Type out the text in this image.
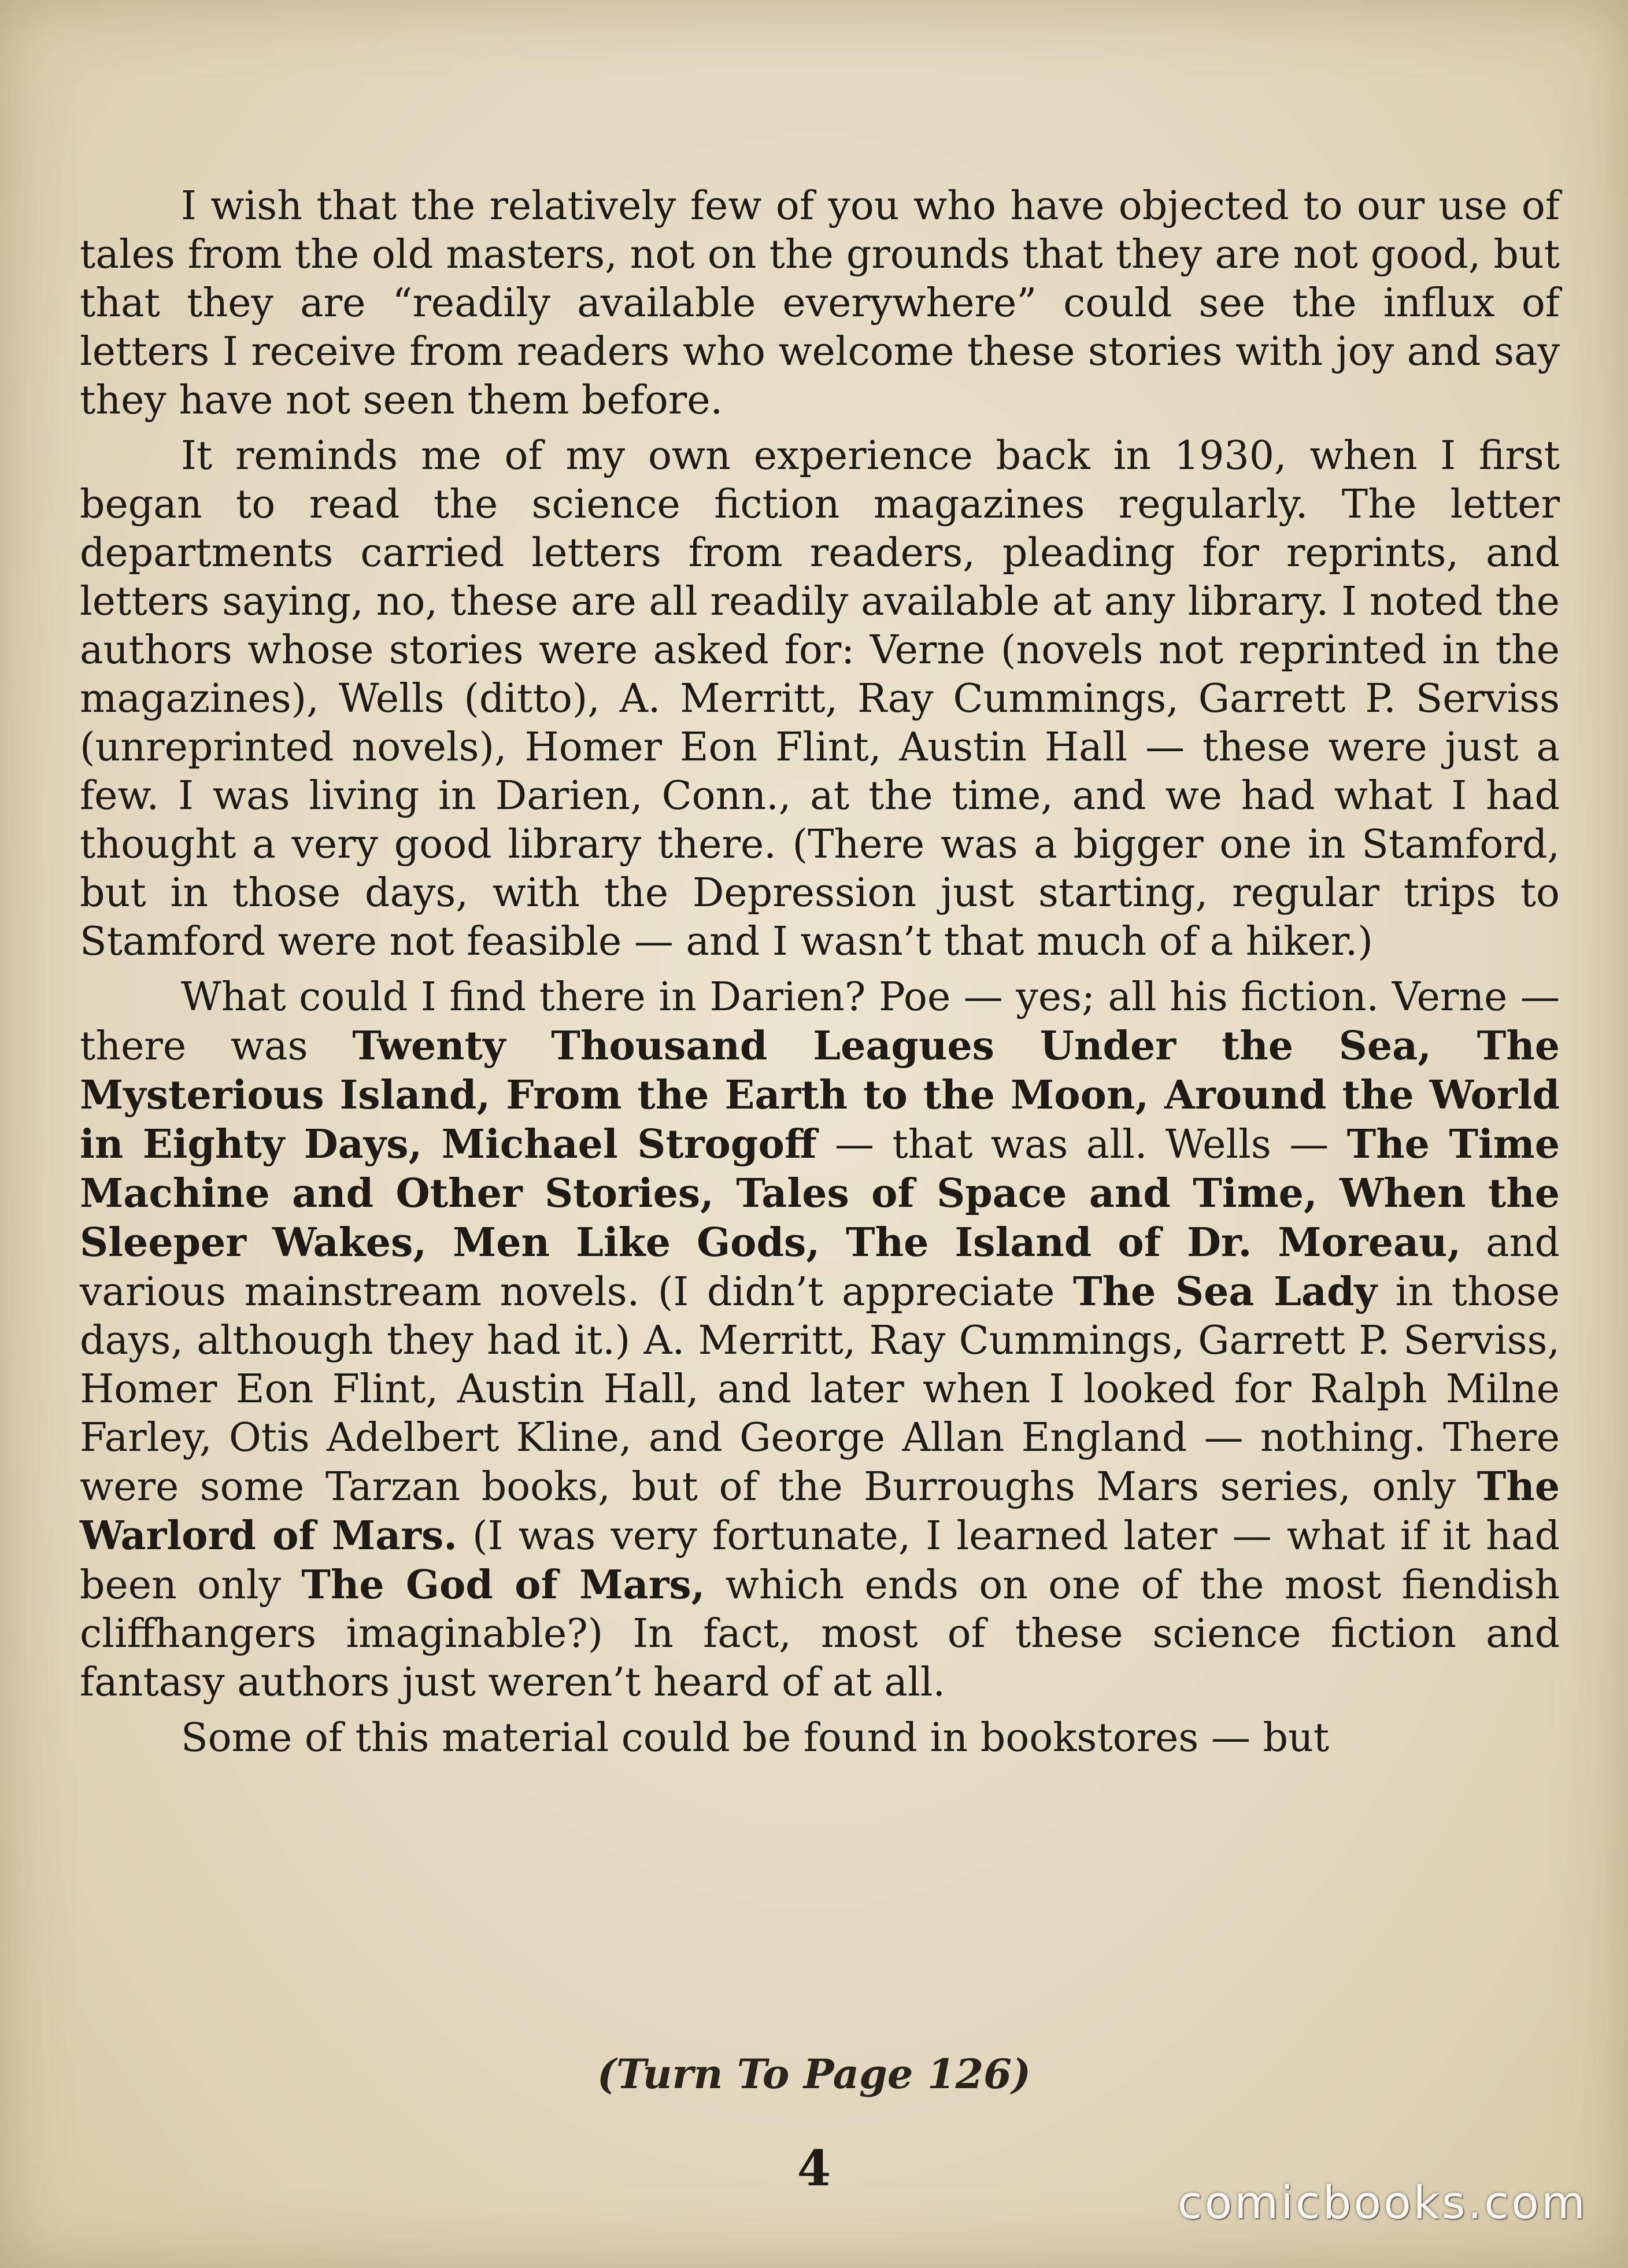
I wish that the relatively few of you who have objected to our use of tales from the old masters, not on the grounds that they are not good, but that they are “readily available everywhere” could see the influx of letters I receive from readers who welcome these stories with joy and say they have not seen them before.

It reminds me of my own experience back in 1930, when I first began to read the science fiction magazines regularly. The letter departments carried letters from readers, pleading for reprints, and letters saying, no, these are all readily available at any library. I noted the authors whose stories were asked for: Verne (novels not reprinted in the magazines), Wells (ditto), A. Merritt, Ray Cummings, Garrett P. Serviss (unreprinted novels), Homer Eon Flint, Austin Hall — these were just a few. I was living in Darien, Conn., at the time, and we had what I had thought a very good library there. (There was a bigger one in Stamford, but in those days, with the Depression just starting, regular trips to Stamford were not feasible — and I wasn’t that much of a hiker.)

What could I find there in Darien? Poe — yes; all his fiction. Verne — there was Twenty Thousand Leagues Under the Sea, The Mysterious Island, From the Earth to the Moon, Around the World in Eighty Days, Michael Strogoff — that was all. Wells — The Time Machine and Other Stories, Tales of Space and Time, When the Sleeper Wakes, Men Like Gods, The Island of Dr. Moreau, and various mainstream novels. (I didn’t appreciate The Sea Lady in those days, although they had it.) A. Merritt, Ray Cummings, Garrett P. Serviss, Homer Eon Flint, Austin Hall, and later when I looked for Ralph Milne Farley, Otis Adelbert Kline, and George Allan England — nothing. There were some Tarzan books, but of the Burroughs Mars series, only The Warlord of Mars. (I was very fortunate, I learned later — what if it had been only The God of Mars, which ends on one of the most fiendish cliffhangers imaginable?) In fact, most of these science fiction and fantasy authors just weren’t heard of at all.

Some of this material could be found in bookstores — but

(Turn To Page 126)
4
comicbooks.com
